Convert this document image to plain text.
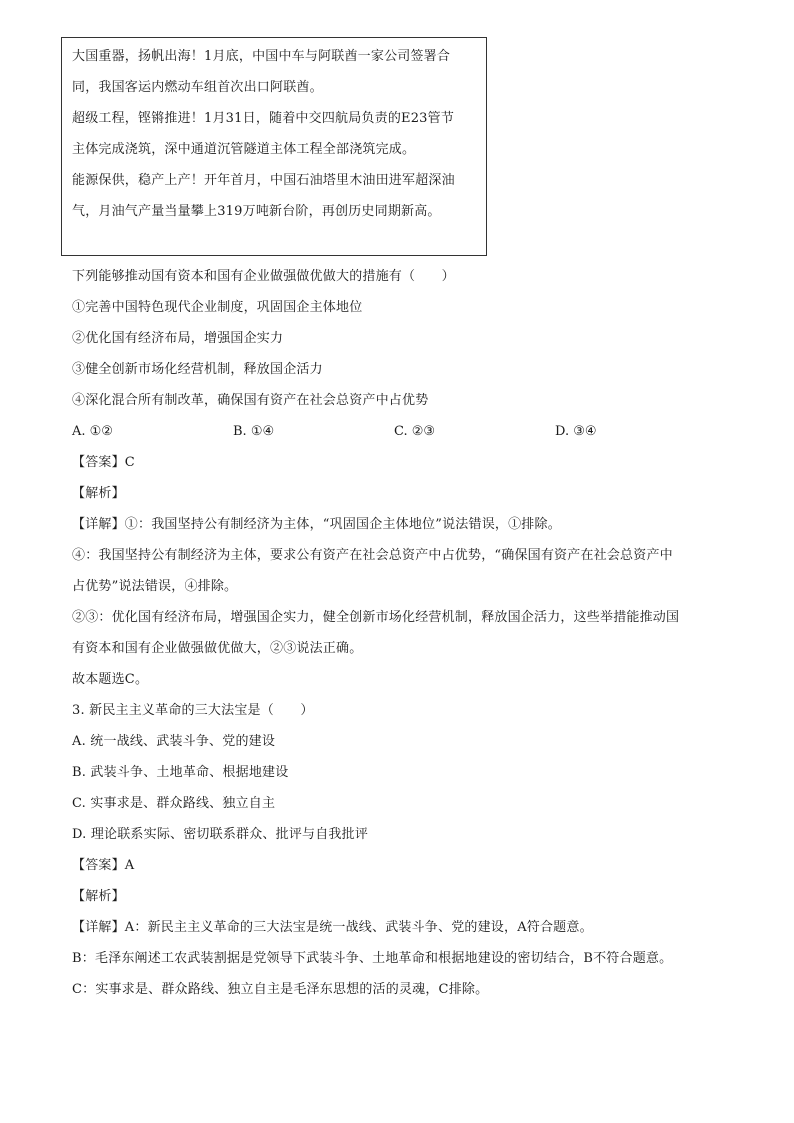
大国重器，扬帆出海！1月底，中国中车与阿联酋一家公司签署合
同，我国客运内燃动车组首次出口阿联酋。
超级工程，铿锵推进！1月31日，随着中交四航局负责的E23管节
主体完成浇筑，深中通道沉管隧道主体工程全部浇筑完成。
能源保供，稳产上产！开年首月，中国石油塔里木油田进军超深油
气，月油气产量当量攀上319万吨新台阶，再创历史同期新高。
下列能够推动国有资本和国有企业做强做优做大的措施有（　　）
①完善中国特色现代企业制度，巩固国企主体地位
②优化国有经济布局，增强国企实力
③健全创新市场化经营机制，释放国企活力
④深化混合所有制改革，确保国有资产在社会总资产中占优势
A. ①②	B. ①④	C. ②③	D. ③④
【答案】C
【解析】
【详解】①：我国坚持公有制经济为主体，“巩固国企主体地位”说法错误，①排除。
④：我国坚持公有制经济为主体，要求公有资产在社会总资产中占优势，“确保国有资产在社会总资产中
占优势”说法错误，④排除。
②③：优化国有经济布局，增强国企实力，健全创新市场化经营机制，释放国企活力，这些举措能推动国
有资本和国有企业做强做优做大，②③说法正确。
故本题选C。
3. 新民主主义革命的三大法宝是（　　）
A. 统一战线、武装斗争、党的建设
B. 武装斗争、土地革命、根据地建设
C. 实事求是、群众路线、独立自主
D. 理论联系实际、密切联系群众、批评与自我批评
【答案】A
【解析】
【详解】A：新民主主义革命的三大法宝是统一战线、武装斗争、党的建设，A符合题意。
B：毛泽东阐述工农武装割据是党领导下武装斗争、土地革命和根据地建设的密切结合，B不符合题意。
C：实事求是、群众路线、独立自主是毛泽东思想的活的灵魂，C排除。
